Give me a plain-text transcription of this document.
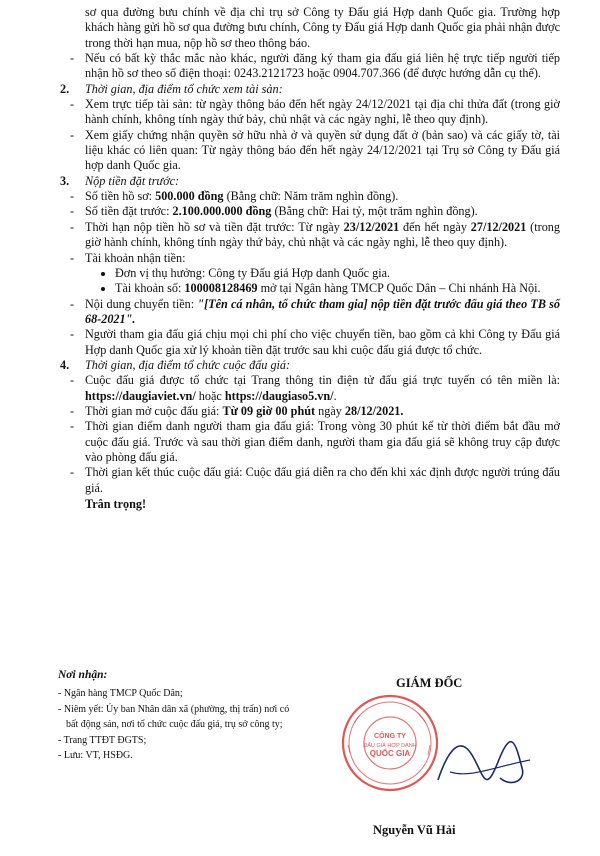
sơ qua đường bưu chính về địa chỉ trụ sở Công ty Đấu giá Hợp danh Quốc gia. Trường hợp khách hàng gửi hồ sơ qua đường bưu chính, Công ty Đấu giá Hợp danh Quốc gia phải nhận được trong thời hạn mua, nộp hồ sơ theo thông báo.

- Nếu có bất kỳ thắc mắc nào khác, người đăng ký tham gia đấu giá liên hệ trực tiếp người tiếp nhận hồ sơ theo số điện thoại: 0243.2121723 hoặc 0904.707.366 (để được hướng dẫn cụ thể).

2. Thời gian, địa điểm tổ chức xem tài sản:

- Xem trực tiếp tài sản: từ ngày thông báo đến hết ngày 24/12/2021 tại địa chỉ thửa đất (trong giờ hành chính, không tính ngày thứ bảy, chủ nhật và các ngày nghỉ, lễ theo quy định).

- Xem giấy chứng nhận quyền sở hữu nhà ở và quyền sử dụng đất ở (bản sao) và các giấy tờ, tài liệu khác có liên quan: Từ ngày thông báo đến hết ngày 24/12/2021 tại Trụ sở Công ty Đấu giá hợp danh Quốc gia.

3. Nộp tiền đặt trước:

- Số tiền hồ sơ: 500.000 đồng (Bằng chữ: Năm trăm nghìn đồng).

- Số tiền đặt trước: 2.100.000.000 đồng (Bằng chữ: Hai tỷ, một trăm nghìn đồng).

- Thời hạn nộp tiền hồ sơ và tiền đặt trước: Từ ngày 23/12/2021 đến hết ngày 27/12/2021 (trong giờ hành chính, không tính ngày thứ bảy, chủ nhật và các ngày nghỉ, lễ theo quy định).

- Tài khoản nhận tiền:

Đơn vị thụ hưởng: Công ty Đấu giá Hợp danh Quốc gia.

Tài khoản số: 100008128469 mở tại Ngân hàng TMCP Quốc Dân – Chi nhánh Hà Nội.

- Nội dung chuyển tiền: "[Tên cá nhân, tổ chức tham gia] nộp tiền đặt trước đấu giá theo TB số 68-2021".

- Người tham gia đấu giá chịu mọi chi phí cho việc chuyển tiền, bao gồm cả khi Công ty Đấu giá Hợp danh Quốc gia xử lý khoản tiền đặt trước sau khi cuộc đấu giá được tổ chức.

4. Thời gian, địa điểm tổ chức cuộc đấu giá:

- Cuộc đấu giá được tổ chức tại Trang thông tin điện tử đấu giá trực tuyến có tên miền là: https://daugiaviet.vn/ hoặc https://daugiaso5.vn/.

- Thời gian mở cuộc đấu giá: Từ 09 giờ 00 phút ngày 28/12/2021.

- Thời gian điểm danh người tham gia đấu giá: Trong vòng 30 phút kể từ thời điểm bắt đầu mở cuộc đấu giá. Trước và sau thời gian điểm danh, người tham gia đấu giá sẽ không truy cập được vào phòng đấu giá.

- Thời gian kết thúc cuộc đấu giá: Cuộc đấu giá diễn ra cho đến khi xác định được người trúng đấu giá.

Trân trọng!

Nơi nhận:

- Ngân hàng TMCP Quốc Dân;

- Niêm yết: Ủy ban Nhân dân xã (phường, thị trấn) nơi có bất động sản, nơi tổ chức cuộc đấu giá, trụ sở công ty;

- Trang TTĐT ĐGTS;

- Lưu: VT, HSĐG.

GIÁM ĐỐC
CÔNG TY
ĐẤU GIÁ HỢP DANH
QUỐC GIA
Nguyễn Vũ Hải
